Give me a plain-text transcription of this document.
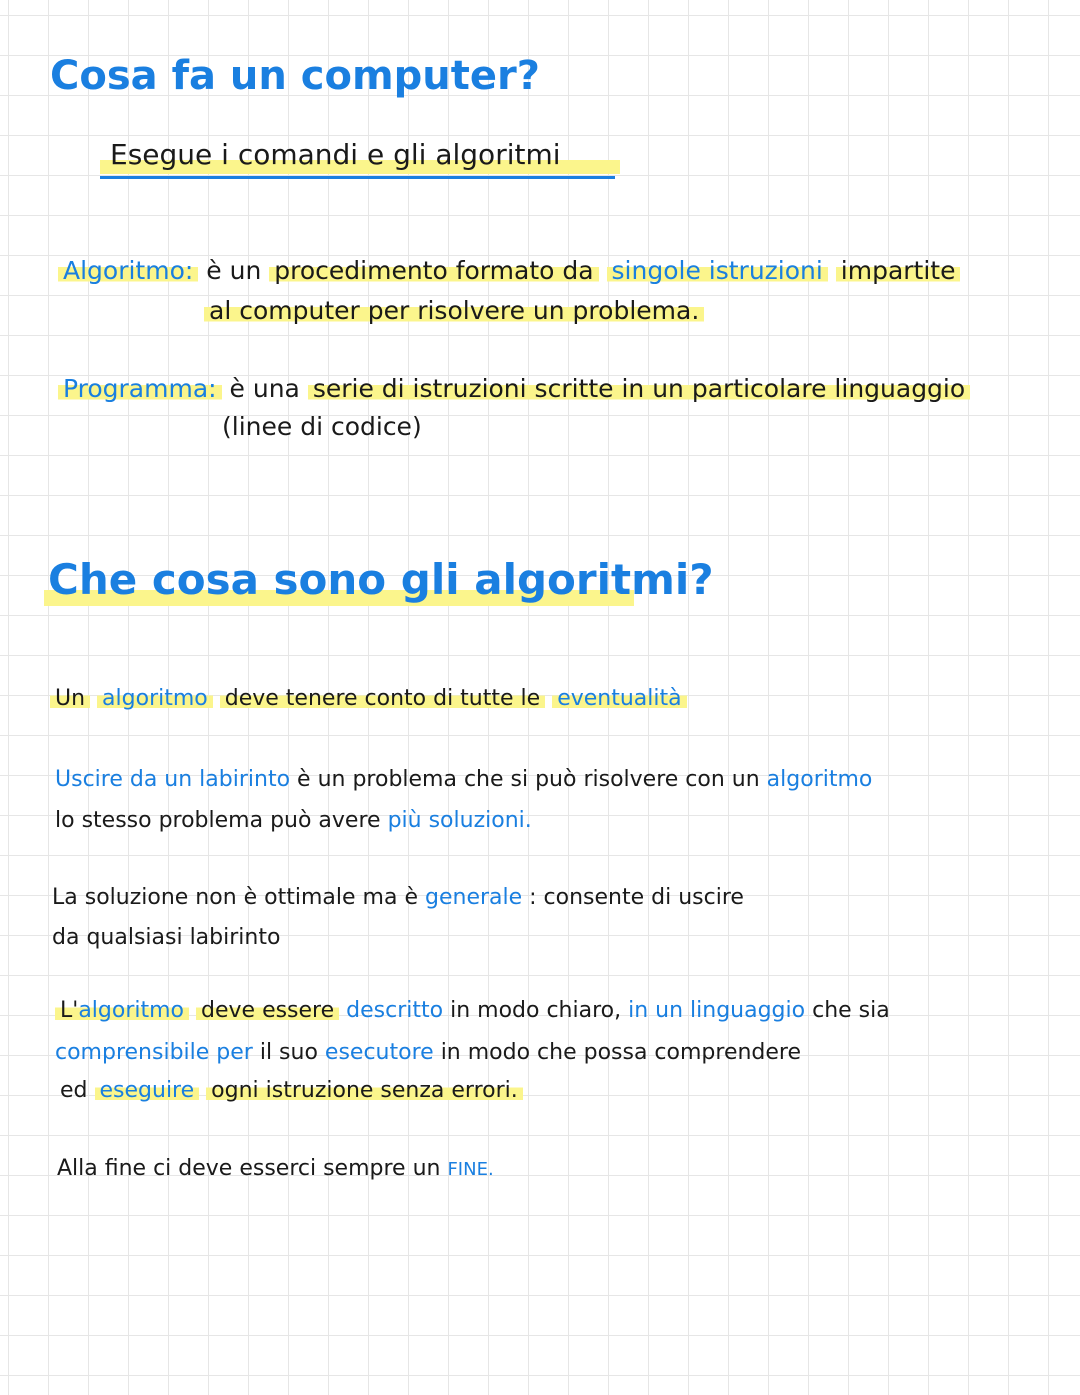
Cosa fa un computer?
Esegue i comandi e gli algoritmi
Algoritmo: è un procedimento formato da singole istruzioni impartite
al computer per risolvere un problema.
Programma: è una serie di istruzioni scritte in un particolare linguaggio
(linee di codice)
Che cosa sono gli algoritmi?
Un algoritmo deve tenere conto di tutte le eventualità
Uscire da un labirinto è un problema che si può risolvere con un algoritmo
lo stesso problema può avere più soluzioni.
La soluzione non è ottimale ma è generale : consente di uscire
da qualsiasi labirinto
L'algoritmo deve essere descritto in modo chiaro, in un linguaggio che sia
comprensibile per il suo esecutore in modo che possa comprendere
ed eseguire ogni istruzione senza errori.
Alla fine ci deve esserci sempre un FINE.
